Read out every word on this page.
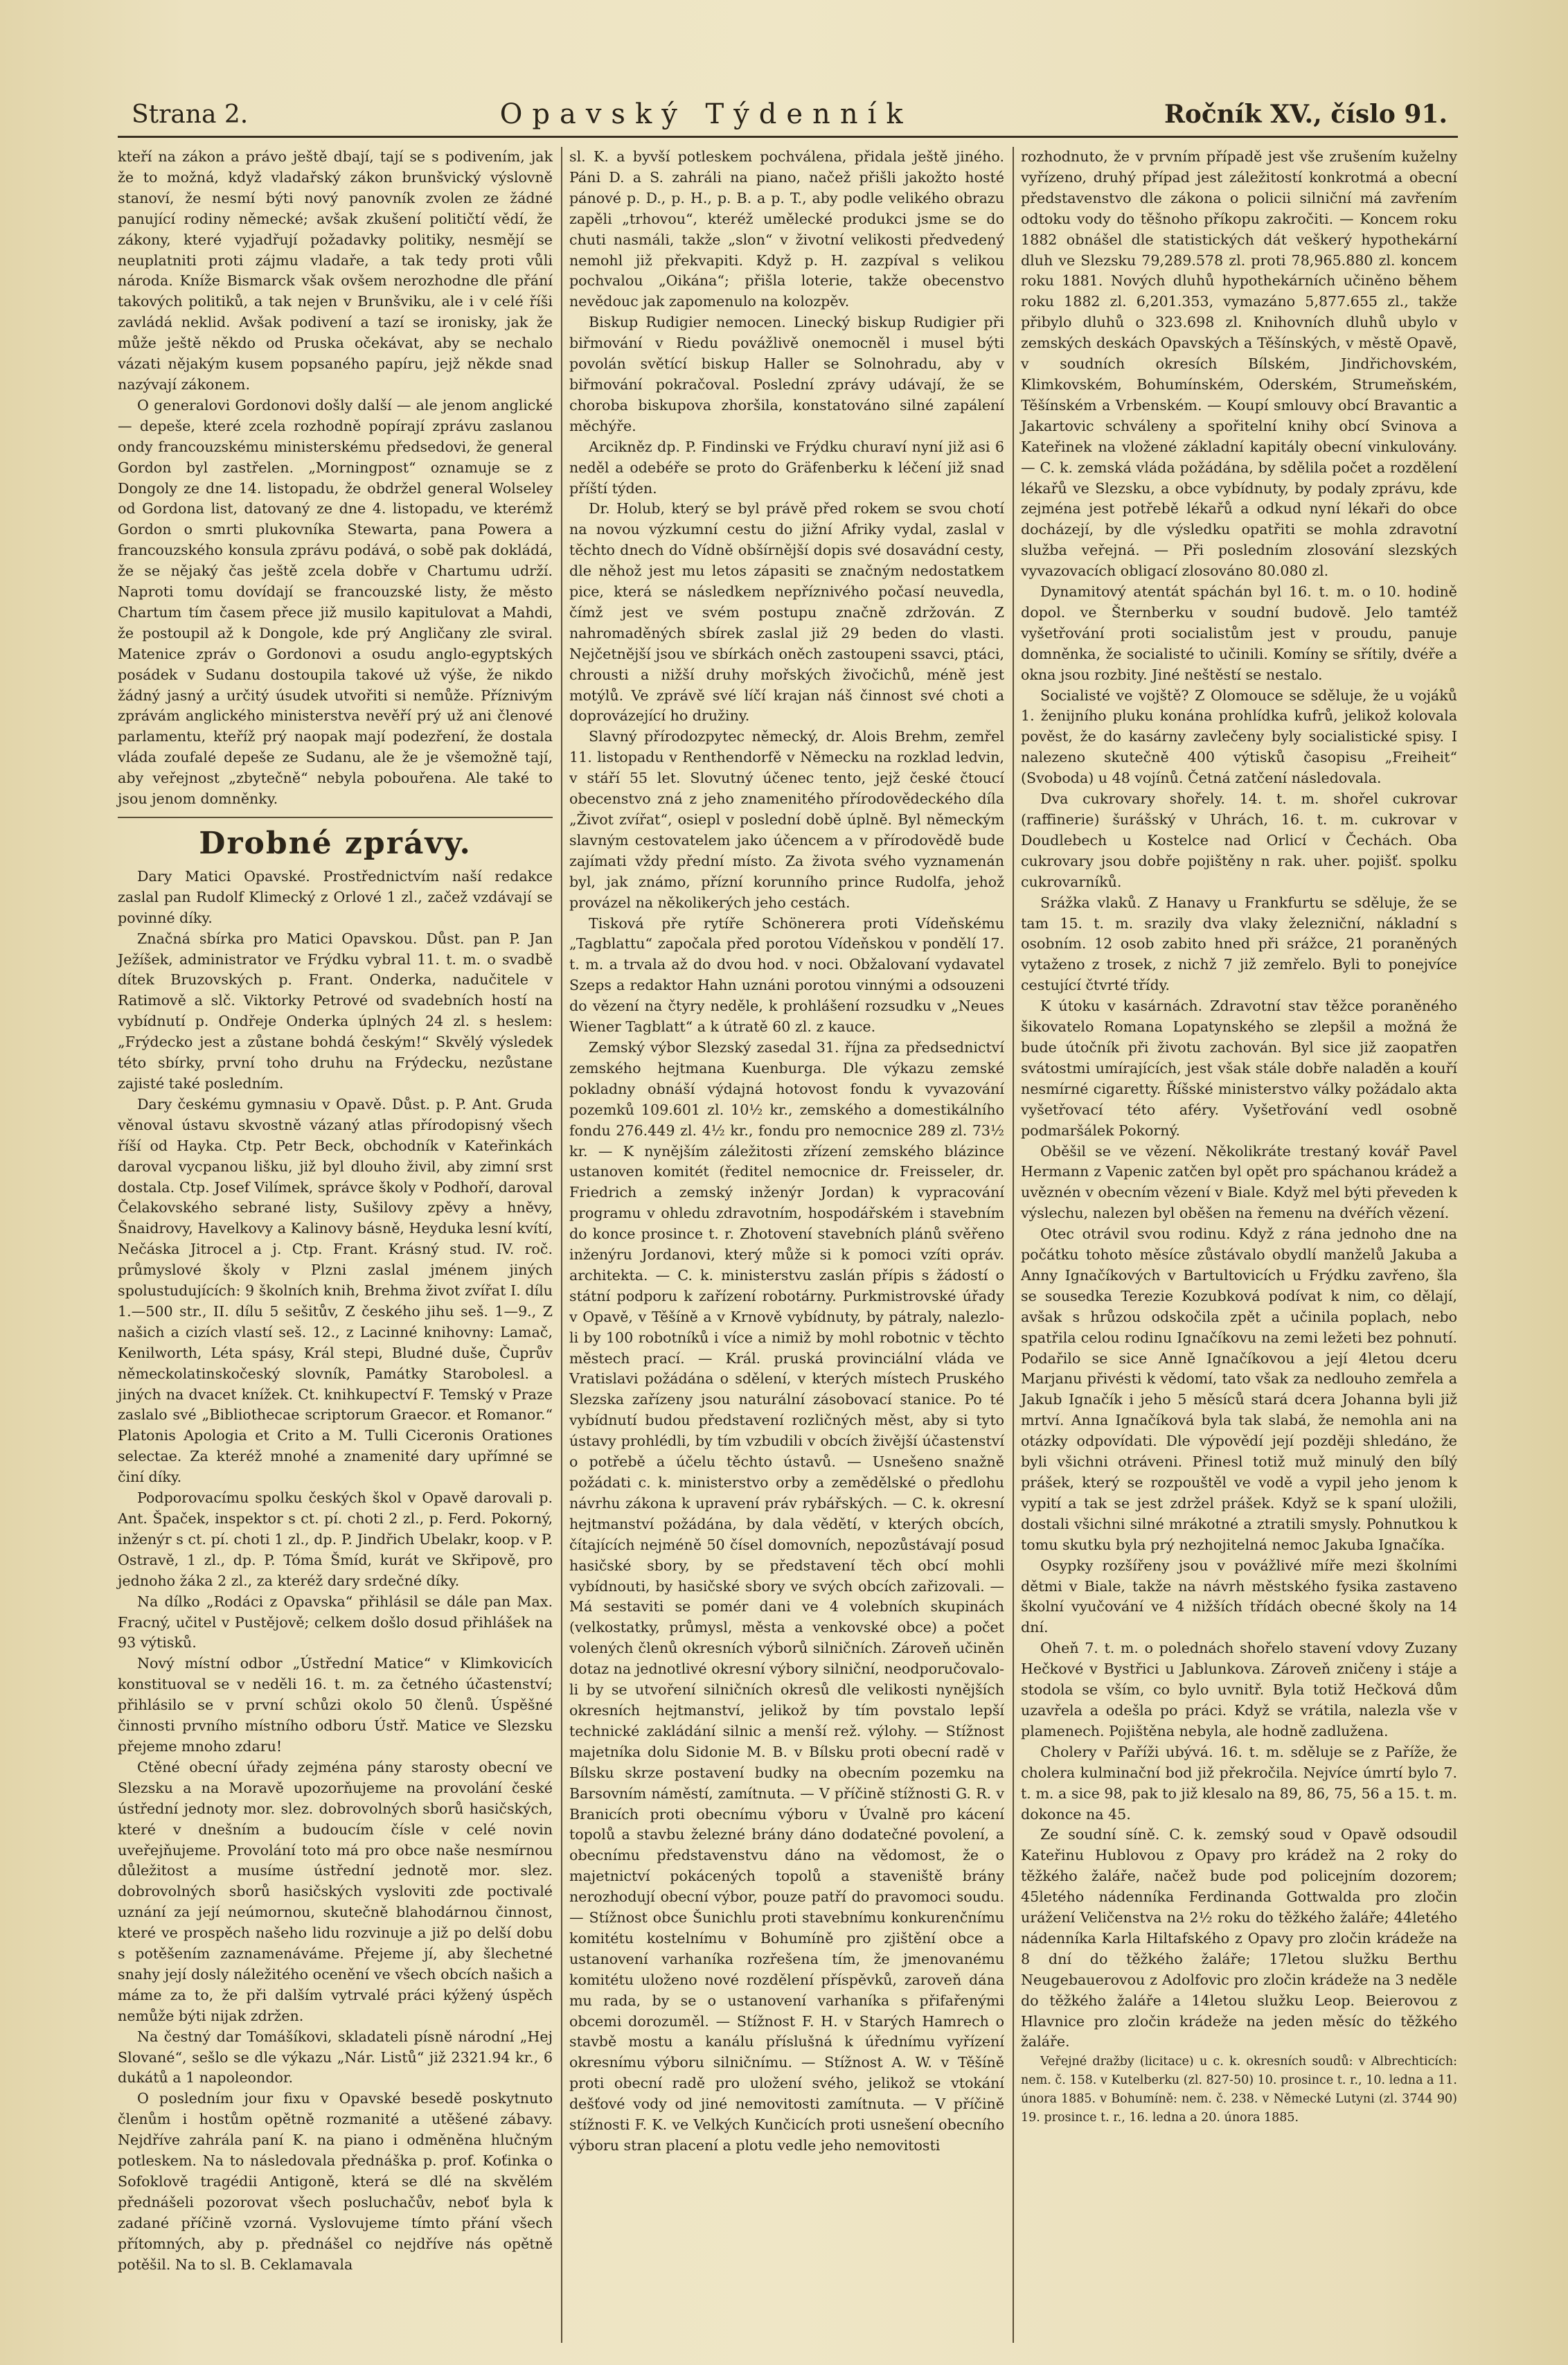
Strana 2.	Opavský Týdenník	Ročník XV., číslo 91.

kteří na zákon a právo ještě dbají, tají se s podivením, jak že to možná, když vladařský zákon brunšvický výslovně stanoví, že nesmí býti nový panovník zvolen ze žádné panující rodiny německé; avšak zkušení političtí vědí, že zákony, které vyjadřují požadavky politiky, nesmějí se neuplatniti proti zájmu vladaře, a tak tedy proti vůli národa. Kníže Bismarck však ovšem nerozhodne dle přání takových politiků, a tak nejen v Brunšviku, ale i v celé říši zavládá neklid. Avšak podivení a tazí se ironisky, jak že může ještě někdo od Pruska očekávat, aby se nechalo vázati nějakým kusem popsaného papíru, jejž někde snad nazývají zákonem.

O generalovi Gordonovi došly další — ale jenom anglické — depeše, které zcela rozhodně popírají zprávu zaslanou ondy francouzskému ministerskému předsedovi, že general Gordon byl zastřelen. „Morningpost“ oznamuje se z Dongoly ze dne 14. listopadu, že obdržel general Wolseley od Gordona list, datovaný ze dne 4. listopadu, ve kterémž Gordon o smrti plukovníka Stewarta, pana Powera a francouzského konsula zprávu podává, o sobě pak dokládá, že se nějaký čas ještě zcela dobře v Chartumu udrží. Naproti tomu dovídají se francouzské listy, že město Chartum tím časem přece již musilo kapitulovat a Mahdi, že postoupil až k Dongole, kde prý Angličany zle sviral. Matenice zpráv o Gordonovi a osudu anglo-egyptských posádek v Sudanu dostoupila takové už výše, že nikdo žádný jasný a určitý úsudek utvořiti si nemůže. Příznivým zprávám anglického ministerstva nevěří prý už ani členové parlamentu, kteříž prý naopak mají podezření, že dostala vláda zoufalé depeše ze Sudanu, ale že je všemožně tají, aby veřejnost „zbytečně“ nebyla pobouřena. Ale také to jsou jenom domněnky.

Drobné zprávy.

Dary Matici Opavské. Prostřednictvím naší redakce zaslal pan Rudolf Klimecký z Orlové 1 zl., začež vzdávají se povinné díky.

Značná sbírka pro Matici Opavskou. Důst. pan P. Jan Ježíšek, administrator ve Frýdku vybral 11. t. m. o svadbě dítek Bruzovských p. Frant. Onderka, nadučitele v Ratimově a slč. Viktorky Petrové od svadebních hostí na vybídnutí p. Ondřeje Onderka úplných 24 zl. s heslem: „Frýdecko jest a zůstane bohdá českým!“ Skvělý výsledek této sbírky, první toho druhu na Frýdecku, nezůstane zajisté také posledním.

Dary českému gymnasiu v Opavě. Důst. p. P. Ant. Gruda věnoval ústavu skvostně vázaný atlas přírodopisný všech říší od Hayka. Ctp. Petr Beck, obchodník v Kateřinkách daroval vycpanou lišku, již byl dlouho živil, aby zimní srst dostala. Ctp. Josef Vilímek, správce školy v Podhoří, daroval Čelakovského sebrané listy, Sušilovy zpěvy a hněvy, Šnaidrovy, Havelkovy a Kalinovy básně, Heyduka lesní kvítí, Nečáska Jitrocel a j. Ctp. Frant. Krásný stud. IV. roč. průmyslové školy v Plzni zaslal jménem jiných spolustudujících: 9 školních knih, Brehma život zvířat I. dílu 1.—500 str., II. dílu 5 sešitův, Z českého jihu seš. 1—9., Z našich a cizích vlastí seš. 12., z Lacinné knihovny: Lamač, Kenilworth, Léta spásy, Král stepi, Bludné duše, Čuprův německolatinskočeský slovník, Památky Starobolesl. a jiných na dvacet knížek. Ct. knihkupectví F. Temský v Praze zaslalo své „Bibliothecae scriptorum Graecor. et Romanor.“ Platonis Apologia et Crito a M. Tulli Ciceronis Orationes selectae. Za kteréž mnohé a znamenité dary upřímné se činí díky.

Podporovacímu spolku českých škol v Opavě darovali p. Ant. Špaček, inspektor s ct. pí. choti 2 zl., p. Ferd. Pokorný, inženýr s ct. pí. choti 1 zl., dp. P. Jindřich Ubelakr, koop. v P. Ostravě, 1 zl., dp. P. Tóma Šmíd, kurát ve Skřipově, pro jednoho žáka 2 zl., za kteréž dary srdečné díky.

Na dílko „Rodáci z Opavska“ přihlásil se dále pan Max. Fracný, učitel v Pustějově; celkem došlo dosud přihlášek na 93 výtisků.

Nový místní odbor „Ústřední Matice“ v Klimkovicích konstituoval se v neděli 16. t. m. za četného účastenství; přihlásilo se v první schůzi okolo 50 členů. Úspěšné činnosti prvního místního odboru Ústř. Matice ve Slezsku přejeme mnoho zdaru!

Ctěné obecní úřady zejména pány starosty obecní ve Slezsku a na Moravě upozorňujeme na provolání české ústřední jednoty mor. slez. dobrovolných sborů hasičských, které v dnešním a budoucím čísle v celé novin uveřejňujeme. Provolání toto má pro obce naše nesmírnou důležitost a musíme ústřední jednotě mor. slez. dobrovolných sborů hasičských vysloviti zde poctivalé uznání za její neúmornou, skutečně blahodárnou činnost, které ve prospěch našeho lidu rozvinuje a již po delší dobu s potěšením zaznamenáváme. Přejeme jí, aby šlechetné snahy její dosly náležitého ocenění ve všech obcích našich a máme za to, že při dalším vytrvalé práci kýžený úspěch nemůže býti nijak zdržen.

Na čestný dar Tomášíkovi, skladateli písně národní „Hej Slované“, sešlo se dle výkazu „Nár. Listů“ již 2321.94 kr., 6 dukátů a 1 napoleondor.

O posledním jour fixu v Opavské besedě poskytnuto členům i hostům opětně rozmanité a utěšené zábavy. Nejdříve zahrála paní K. na piano i odměněna hlučným potleskem. Na to následovala přednáška p. prof. Koťinka o Sofoklově tragédii Antigoně, která se dlé na skvělém přednášeli pozorovat všech posluchačův, neboť byla k zadané příčině vzorná. Vyslovujeme tímto přání všech přítomných, aby p. přednášel co nejdříve nás opětně potěšil. Na to sl. B. Ceklamavala

sl. K. a byvší potleskem pochválena, přidala ještě jiného. Páni D. a S. zahráli na piano, načež přišli jakožto hosté pánové p. D., p. H., p. B. a p. T., aby podle velikého obrazu zapěli „trhovou“, kteréž umělecké produkci jsme se do chuti nasmáli, takže „slon“ v životní velikosti předvedený nemohl již překvapiti. Když p. H. zazpíval s velikou pochvalou „Oikána“; přišla loterie, takže obecenstvo nevědouc jak zapomenulo na kolozpěv.

Biskup Rudigier nemocen. Linecký biskup Rudigier při biřmování v Riedu povážlivě onemocněl i musel býti povolán světící biskup Haller se Solnohradu, aby v biřmování pokračoval. Poslední zprávy udávají, že se choroba biskupova zhoršila, konstatováno silné zapálení měchýře.

Arcikněz dp. P. Findinski ve Frýdku churaví nyní již asi 6 neděl a odebéře se proto do Gräfenberku k léčení již snad příští týden.

Dr. Holub, který se byl právě před rokem se svou chotí na novou výzkumní cestu do jižní Afriky vydal, zaslal v těchto dnech do Vídně obšírnější dopis své dosavádní cesty, dle něhož jest mu letos zápasiti se značným nedostatkem pice, která se následkem nepříznivého počasí neuvedla, čímž jest ve svém postupu značně zdržován. Z nahromaděných sbírek zaslal již 29 beden do vlasti. Nejčetnější jsou ve sbírkách oněch zastoupeni ssavci, ptáci, chrousti a nižší druhy mořských živočichů, méně jest motýlů. Ve zprávě své líčí krajan náš činnost své choti a doprovázející ho družiny.

Slavný přírodozpytec německý, dr. Alois Brehm, zemřel 11. listopadu v Renthendorfě v Německu na rozklad ledvin, v stáří 55 let. Slovutný účenec tento, jejž české čtoucí obecenstvo zná z jeho znamenitého přírodovědeckého díla „Život zvířat“, osiepl v poslední době úplně. Byl německým slavným cestovatelem jako účencem a v přírodovědě bude zajímati vždy přední místo. Za života svého vyznamenán byl, jak známo, přízní korunního prince Rudolfa, jehož provázel na několikerých jeho cestách.

Tisková pře rytíře Schönerera proti Vídeňskému „Tagblattu“ započala před porotou Vídeňskou v pondělí 17. t. m. a trvala až do dvou hod. v noci. Obžalovaní vydavatel Szeps a redaktor Hahn uznáni porotou vinnými a odsouzeni do vězení na čtyry neděle, k prohlášení rozsudku v „Neues Wiener Tagblatt“ a k útratě 60 zl. z kauce.

Zemský výbor Slezský zasedal 31. října za předsednictví zemského hejtmana Kuenburga. Dle výkazu zemské pokladny obnáší výdajná hotovost fondu k vyvazování pozemků 109.601 zl. 10½ kr., zemského a domestikálního fondu 276.449 zl. 4½ kr., fondu pro nemocnice 289 zl. 73½ kr. — K nynějším záležitosti zřízení zemského blázince ustanoven komitét (ředitel nemocnice dr. Freisseler, dr. Friedrich a zemský inženýr Jordan) k vypracování programu v ohledu zdravotním, hospodářském i stavebním do konce prosince t. r. Zhotovení stavebních plánů svěřeno inženýru Jordanovi, který může si k pomoci vzíti opráv. architekta. — C. k. ministerstvu zaslán přípis s žádostí o státní podporu k zařízení robotárny. Purkmistrovské úřady v Opavě, v Těšíně a v Krnově vybídnuty, by pátraly, nalezlo-li by 100 robotníků i více a nimiž by mohl robotnic v těchto městech prací. — Král. pruská provinciální vláda ve Vratislavi požádána o sdělení, v kterých místech Pruského Slezska zařízeny jsou naturální zásobovací stanice. Po té vybídnutí budou představení rozličných měst, aby si tyto ústavy prohlédli, by tím vzbudili v obcích živější účastenství o potřebě a účelu těchto ústavů. — Usnešeno snažně požádati c. k. ministerstvo orby a zemědělské o předlohu návrhu zákona k upravení práv rybářských. — C. k. okresní hejtmanství požádána, by dala vědětí, v kterých obcích, čítajících nejméně 50 čísel domovních, nepozůstávají posud hasičské sbory, by se představení těch obcí mohli vybídnouti, by hasičské sbory ve svých obcích zařizovali. — Má sestaviti se pomér dani ve 4 volebních skupinách (velkostatky, průmysl, města a venkovské obce) a počet volených členů okresních výborů silničních. Zároveň učiněn dotaz na jednotlivé okresní výbory silniční, neodporučovalo-li by se utvoření silničních okresů dle velikosti nynějších okresních hejtmanství, jelikož by tím povstalo lepší technické zakládání silnic a menší rež. výlohy. — Stížnost majetníka dolu Sidonie M. B. v Bílsku proti obecní radě v Bílsku skrze postavení budky na obecním pozemku na Barsovním náměstí, zamítnuta. — V příčině stížnosti G. R. v Branicích proti obecnímu výboru v Úvalně pro kácení topolů a stavbu železné brány dáno dodatečné povolení, a obecnímu představenstvu dáno na vědomost, že o majetnictví pokácených topolů a staveniště brány nerozhodují obecní výbor, pouze patří do pravomoci soudu. — Stížnost obce Šunichlu proti stavebnímu konkurenčnímu komitétu kostelnímu v Bohumíně pro zjištění obce a ustanovení varhaníka rozřešena tím, že jmenovanému komitétu uloženo nové rozdělení příspěvků, zaroveň dána mu rada, by se o ustanovení varhaníka s přifařenými obcemi dorozuměl. — Stížnost F. H. v Starých Hamrech o stavbě mostu a kanálu příslušná k úřednímu vyřízení okresnímu výboru silničnímu. — Stížnost A. W. v Těšíně proti obecní radě pro uložení svého, jelikož se vtokání dešťové vody od jiné nemovitosti zamítnuta. — V příčině stížnosti F. K. ve Velkých Kunčicích proti usnešení obecního výboru stran placení a plotu vedle jeho nemovitosti

rozhodnuto, že v prvním případě jest vše zrušením kuželny vyřízeno, druhý případ jest záležitostí konkrotmá a obecní představenstvo dle zákona o policii silniční má zavřením odtoku vody do těšnoho příkopu zakročiti. — Koncem roku 1882 obnášel dle statistických dát veškerý hypothekární dluh ve Slezsku 79,289.578 zl. proti 78,965.880 zl. koncem roku 1881. Nových dluhů hypothekárních učiněno během roku 1882 zl. 6,201.353, vymazáno 5,877.655 zl., takže přibylo dluhů o 323.698 zl. Knihovních dluhů ubylo v zemských deskách Opavských a Těšínských, v městě Opavě, v soudních okresích Bílském, Jindřichovském, Klimkovském, Bohumínském, Oderském, Strumeňském, Těšínském a Vrbenském. — Koupí smlouvy obcí Bravantic a Jakartovic schváleny a spořitelní knihy obcí Svinova a Kateřinek na vložené základní kapitály obecní vinkulovány. — C. k. zemská vláda požádána, by sdělila počet a rozdělení lékařů ve Slezsku, a obce vybídnuty, by podaly zprávu, kde zejména jest potřebě lékařů a odkud nyní lékaři do obce docházejí, by dle výsledku opatřiti se mohla zdravotní služba veřejná. — Při posledním zlosování slezských vyvazovacích obligací zlosováno 80.080 zl.

Dynamitový atentát spáchán byl 16. t. m. o 10. hodině dopol. ve Šternberku v soudní budově. Jelo tamtéž vyšetřování proti socialistům jest v proudu, panuje domněnka, že socialisté to učinili. Komíny se sřítily, dvéře a okna jsou rozbity. Jiné neštěstí se nestalo.

Socialisté ve vojště? Z Olomouce se sděluje, že u vojáků 1. ženijního pluku konána prohlídka kufrů, jelikož kolovala pověst, že do kasárny zavlečeny byly socialistické spisy. I nalezeno skutečně 400 výtisků časopisu „Freiheit“ (Svoboda) u 48 vojínů. Četná zatčení následovala.

Dva cukrovary shořely. 14. t. m. shořel cukrovar (raffinerie) šurášský v Uhrách, 16. t. m. cukrovar v Doudlebech u Kostelce nad Orlicí v Čechách. Oba cukrovary jsou dobře pojištěny n rak. uher. pojišť. spolku cukrovarníků.

Srážka vlaků. Z Hanavy u Frankfurtu se sděluje, že se tam 15. t. m. srazily dva vlaky železniční, nákladní s osobním. 12 osob zabito hned při srážce, 21 poraněných vytaženo z trosek, z nichž 7 již zemřelo. Byli to ponejvíce cestující čtvrté třídy.

K útoku v kasárnách. Zdravotní stav těžce poraněného šikovatelo Romana Lopatynského se zlepšil a možná že bude útočník při životu zachován. Byl sice již zaopatřen svátostmi umírajících, jest však stále dobře naladěn a kouří nesmírné cigaretty. Říšské ministerstvo války požádalo akta vyšetřovací této aféry. Vyšetřování vedl osobně podmaršálek Pokorný.

Oběšil se ve vězení. Několikráte trestaný kovář Pavel Hermann z Vapenic zatčen byl opět pro spáchanou krádež a uvěznén v obecním vězení v Biale. Když mel býti převeden k výslechu, nalezen byl oběšen na řemenu na dvéřích vězení.

Otec otrávil svou rodinu. Když z rána jednoho dne na počátku tohoto měsíce zůstávalo obydlí manželů Jakuba a Anny Ignačíkových v Bartultovicích u Frýdku zavřeno, šla se sousedka Terezie Kozubková podívat k nim, co dělají, avšak s hrůzou odskočila zpět a učinila poplach, nebo spatřila celou rodinu Ignačíkovu na zemi ležeti bez pohnutí. Podařilo se sice Anně Ignačíkovou a její 4letou dceru Marjanu přivésti k vědomí, tato však za nedlouho zemřela a Jakub Ignačík i jeho 5 měsíců stará dcera Johanna byli již mrtví. Anna Ignačíková byla tak slabá, že nemohla ani na otázky odpovídati. Dle výpovědí její později shledáno, že byli všichni otráveni. Přinesl totiž muž minulý den bílý prášek, který se rozpouštěl ve vodě a vypil jeho jenom k vypití a tak se jest zdržel prášek. Když se k spaní uložili, dostali všichni silné mrákotné a ztratili smysly. Pohnutkou k tomu skutku byla prý nezhojitelná nemoc Jakuba Ignačíka.

Osypky rozšířeny jsou v povážlivé míře mezi školními dětmi v Biale, takže na návrh městského fysika zastaveno školní vyučování ve 4 nižších třídách obecné školy na 14 dní.

Oheň 7. t. m. o polednách shořelo stavení vdovy Zuzany Hečkové v Bystřici u Jablunkova. Zároveň zničeny i stáje a stodola se vším, co bylo uvnitř. Byla totiž Hečková dům uzavřela a odešla po práci. Když se vrátila, nalezla vše v plamenech. Pojištěna nebyla, ale hodně zadlužena.

Cholery v Paříži ubývá. 16. t. m. sděluje se z Paříže, že cholera kulminační bod již překročila. Nejvíce úmrtí bylo 7. t. m. a sice 98, pak to již klesalo na 89, 86, 75, 56 a 15. t. m. dokonce na 45.

Ze soudní síně. C. k. zemský soud v Opavě odsoudil Kateřinu Hublovou z Opavy pro krádež na 2 roky do těžkého žaláře, načež bude pod policejním dozorem; 45letého nádenníka Ferdinanda Gottwalda pro zločin urážení Veličenstva na 2½ roku do těžkého žaláře; 44letého nádenníka Karla Hiltafského z Opavy pro zločin krádeže na 8 dní do těžkého žaláře; 17letou služku Berthu Neugebauerovou z Adolfovic pro zločin krádeže na 3 neděle do těžkého žaláře a 14letou služku Leop. Beierovou z Hlavnice pro zločin krádeže na jeden měsíc do těžkého žaláře.

Veřejné dražby (licitace) u c. k. okresních soudů: v Albrechticích: nem. č. 158. v Kutelberku (zl. 827-50) 10. prosince t. r., 10. ledna a 11. února 1885. v Bohumíně: nem. č. 238. v Německé Lutyni (zl. 3744 90) 19. prosince t. r., 16. ledna a 20. února 1885.
